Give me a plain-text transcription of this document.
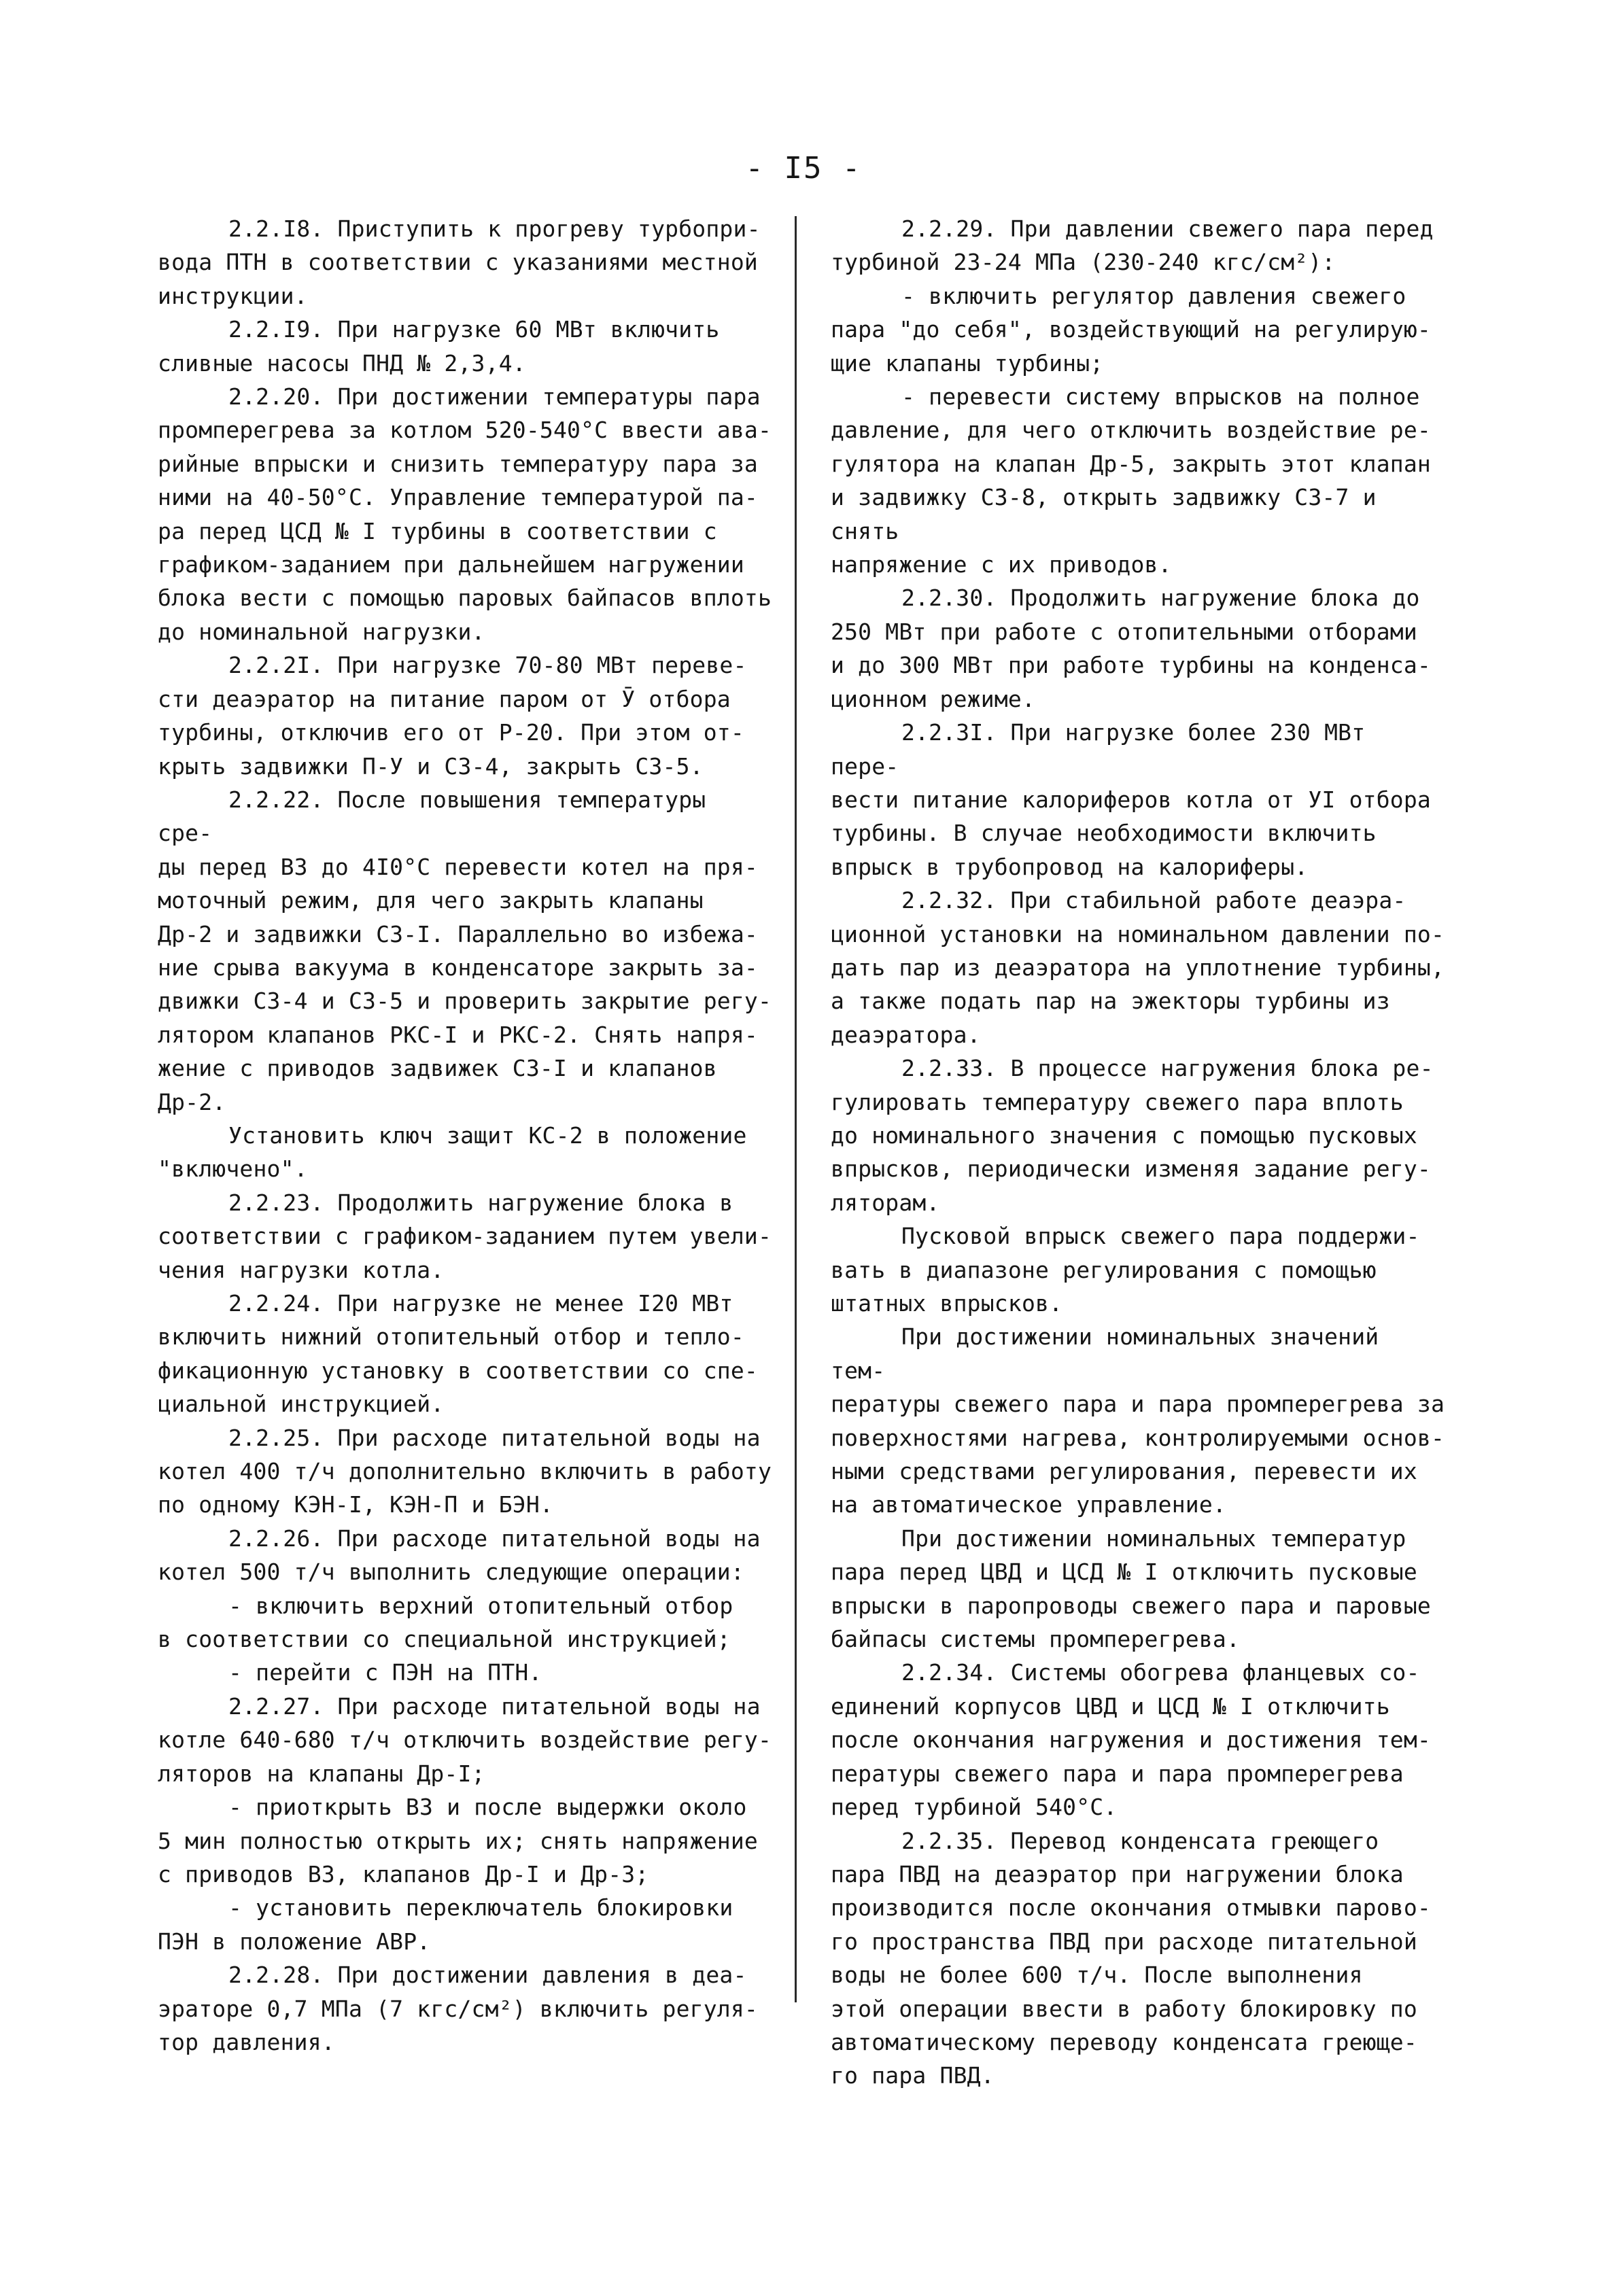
- I5 -

2.2.I8. Приступить к прогреву турбопри-
вода ПТН в соответствии с указаниями местной
инструкции.

2.2.I9. При нагрузке 60 МВт включить
сливные насосы ПНД № 2,3,4.

2.2.20. При достижении температуры пара
промперегрева за котлом 520-540°С ввести ава-
рийные впрыски и снизить температуру пара за
ними на 40-50°С. Управление температурой па-
ра перед ЦСД № I турбины в соответствии с
графиком-заданием при дальнейшем нагружении
блока вести с помощью паровых байпасов вплоть
до номинальной нагрузки.

2.2.2I. При нагрузке 70-80 МВт переве-
сти деаэратор на питание паром от Ӯ отбора
турбины, отключив его от Р-20. При этом от-
крыть задвижки П-У и СЗ-4, закрыть СЗ-5.

2.2.22. После повышения температуры сре-
ды перед ВЗ до 4I0°С перевести котел на пря-
моточный режим, для чего закрыть клапаны
Др-2 и задвижки СЗ-I. Параллельно во избежа-
ние срыва вакуума в конденсаторе закрыть за-
движки СЗ-4 и СЗ-5 и проверить закрытие регу-
лятором клапанов РКС-I и РКС-2. Снять напря-
жение с приводов задвижек СЗ-I и клапанов
Др-2.

Установить ключ защит КС-2 в положение
"включено".

2.2.23. Продолжить нагружение блока в
соответствии с графиком-заданием путем увели-
чения нагрузки котла.

2.2.24. При нагрузке не менее I20 МВт
включить нижний отопительный отбор и тепло-
фикационную установку в соответствии со спе-
циальной инструкцией.

2.2.25. При расходе питательной воды на
котел 400 т/ч дополнительно включить в работу
по одному КЭН-I, КЭН-П и БЭН.

2.2.26. При расходе питательной воды на
котел 500 т/ч выполнить следующие операции:

- включить верхний отопительный отбор

в соответствии со специальной инструкцией;

- перейти с ПЭН на ПТН.

2.2.27. При расходе питательной воды на
котле 640-680 т/ч отключить воздействие регу-
ляторов на клапаны Др-I;

- приоткрыть ВЗ и после выдержки около
5 мин полностью открыть их; снять напряжение
с приводов ВЗ, клапанов Др-I и Др-3;

- установить переключатель блокировки
ПЭН в положение АВР.

2.2.28. При достижении давления в деа-
эраторе 0,7 МПа (7 кгс/см²) включить регуля-
тор давления.

2.2.29. При давлении свежего пара перед
турбиной 23-24 МПа (230-240 кгс/см²):

- включить регулятор давления свежего
пара "до себя", воздействующий на регулирую-
щие клапаны турбины;

- перевести систему впрысков на полное
давление, для чего отключить воздействие ре-
гулятора на клапан Др-5, закрыть этот клапан
и задвижку СЗ-8, открыть задвижку СЗ-7 и снять
напряжение с их приводов.

2.2.30. Продолжить нагружение блока до
250 МВт при работе с отопительными отборами
и до 300 МВт при работе турбины на конденса-
ционном режиме.

2.2.3I. При нагрузке более 230 МВт пере-
вести питание калориферов котла от УI отбора
турбины. В случае необходимости включить
впрыск в трубопровод на калориферы.

2.2.32. При стабильной работе деаэра-
ционной установки на номинальном давлении по-
дать пар из деаэратора на уплотнение турбины,
а также подать пар на эжекторы турбины из
деаэратора.

2.2.33. В процессе нагружения блока ре-
гулировать температуру свежего пара вплоть
до номинального значения с помощью пусковых
впрысков, периодически изменяя задание регу-
ляторам.

Пусковой впрыск свежего пара поддержи-
вать в диапазоне регулирования с помощью
штатных впрысков.

При достижении номинальных значений тем-
пературы свежего пара и пара промперегрева за
поверхностями нагрева, контролируемыми основ-
ными средствами регулирования, перевести их
на автоматическое управление.

При достижении номинальных температур
пара перед ЦВД и ЦСД № I отключить пусковые
впрыски в паропроводы свежего пара и паровые
байпасы системы промперегрева.

2.2.34. Системы обогрева фланцевых со-
единений корпусов ЦВД и ЦСД № I отключить
после окончания нагружения и достижения тем-
пературы свежего пара и пара промперегрева
перед турбиной 540°С.

2.2.35. Перевод конденсата греющего
пара ПВД на деаэратор при нагружении блока
производится после окончания отмывки парово-
го пространства ПВД при расходе питательной
воды не более 600 т/ч. После выполнения
этой операции ввести в работу блокировку по
автоматическому переводу конденсата греюще-
го пара ПВД.
